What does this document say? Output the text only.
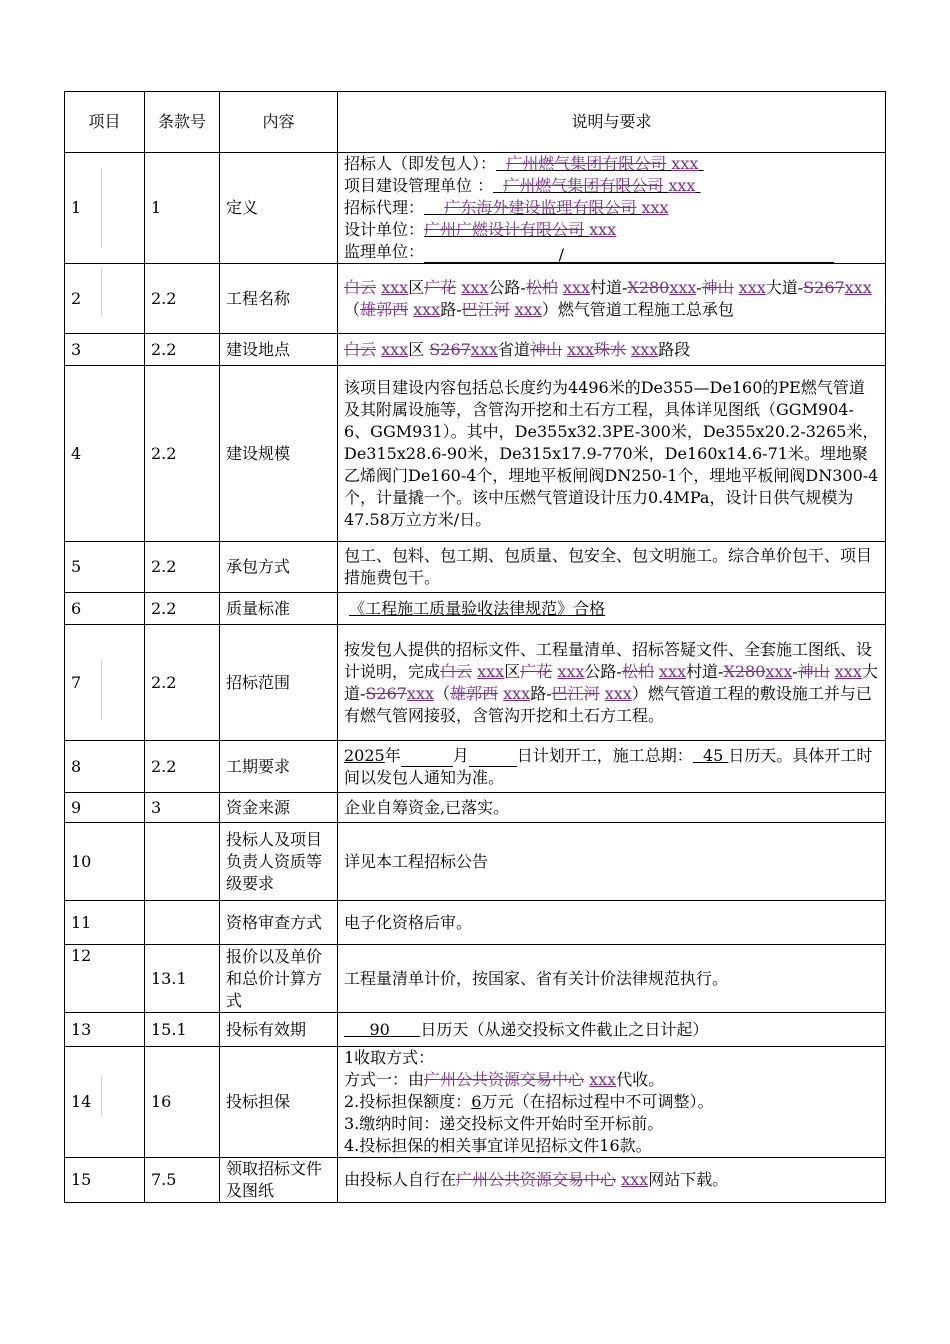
项目	条款号	内容	说明与要求
1	1	定义	招标人（即发包人）： 广州燃气集团有限公司 xxx
项目建设管理单位 ： 广州燃气集团有限公司 xxx
招标代理： 广东海外建设监理有限公司 xxx
设计单位：广州广燃设计有限公司 xxx
监理单位： /

2	2.2	工程名称	白云 xxx区广花 xxx公路-松柏 xxx村道-X280xxx-神山 xxx大道-S267xxx（雄郭西 xxx路-巴江河 xxx）燃气管道工程施工总承包
3	2.2	建设地点	白云 xxx区 S267xxx省道神山 xxx珠水 xxx路段
4	2.2	建设规模	该项目建设内容包括总长度约为4496米的De355—De160的PE燃气管道及其附属设施等，含管沟开挖和土石方工程，具体详见图纸（GGM904-6、GGM931）。其中，De355x32.3PE-300米，De355x20.2-3265米，De315x28.6-90米，De315x17.9-770米，De160x14.6-71米。埋地聚乙烯阀门De160-4个，埋地平板闸阀DN250-1个，埋地平板闸阀DN300-4个，计量撬一个。该中压燃气管道设计压力0.4MPa，设计日供气规模为47.58万立方米/日。
5	2.2	承包方式	包工、包料、包工期、包质量、包安全、包文明施工。综合单价包干、项目措施费包干。
6	2.2	质量标准	《工程施工质量验收法律规范》合格
7	2.2	招标范围	按发包人提供的招标文件、工程量清单、招标答疑文件、全套施工图纸、设计说明，完成白云 xxx区广花 xxx公路-松柏 xxx村道-X280xxx-神山 xxx大道-S267xxx（雄郭西 xxx路-巴江河 xxx）燃气管道工程的敷设施工并与已有燃气管网接驳，含管沟开挖和土石方工程。
8	2.2	工期要求	2025年 月 日计划开工，施工总期： 45 日历天。具体开工时间以发包人通知为准。
9	3	资金来源	企业自筹资金,已落实。
10		投标人及项目负责人资质等级要求	详见本工程招标公告
11		资格审查方式	电子化资格后审。
12	13.1	报价以及单价和总价计算方式	工程量清单计价，按国家、省有关计价法律规范执行。
13	15.1	投标有效期	90 日历天（从递交投标文件截止之日计起）
14	16	投标担保	1收取方式：
方式一：由广州公共资源交易中心 xxx代收。
2.投标担保额度：6万元（在招标过程中不可调整）。
3.缴纳时间：递交投标文件开始时至开标前。
4.投标担保的相关事宜详见招标文件16款。

15	7.5	领取招标文件及图纸	由投标人自行在广州公共资源交易中心 xxx网站下载。
